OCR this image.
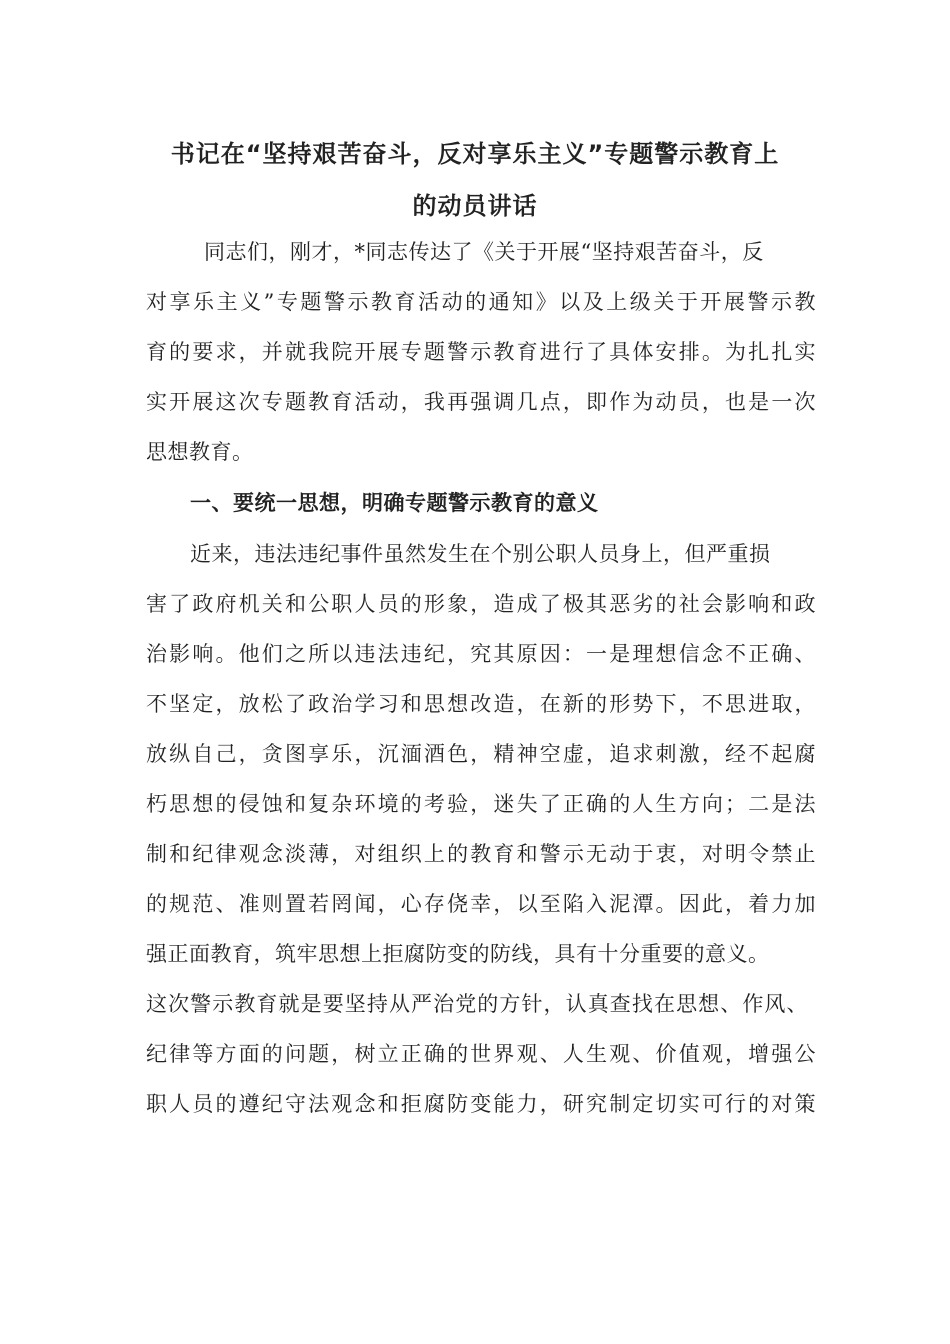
书记在“坚持艰苦奋斗，反对享乐主义”专题警示教育上
的动员讲话
同志们，刚才，*同志传达了《关于开展“坚持艰苦奋斗，反
对享乐主义”专题警示教育活动的通知》以及上级关于开展警示教
育的要求，并就我院开展专题警示教育进行了具体安排。为扎扎实
实开展这次专题教育活动，我再强调几点，即作为动员，也是一次
思想教育。
一、要统一思想，明确专题警示教育的意义
近来，违法违纪事件虽然发生在个别公职人员身上，但严重损
害了政府机关和公职人员的形象，造成了极其恶劣的社会影响和政
治影响。他们之所以违法违纪，究其原因：一是理想信念不正确、
不坚定，放松了政治学习和思想改造，在新的形势下，不思进取，
放纵自己，贪图享乐，沉湎酒色，精神空虚，追求刺激，经不起腐
朽思想的侵蚀和复杂环境的考验，迷失了正确的人生方向；二是法
制和纪律观念淡薄，对组织上的教育和警示无动于衷，对明令禁止
的规范、准则置若罔闻，心存侥幸，以至陷入泥潭。因此，着力加
强正面教育，筑牢思想上拒腐防变的防线，具有十分重要的意义。
这次警示教育就是要坚持从严治党的方针，认真查找在思想、作风、
纪律等方面的问题，树立正确的世界观、人生观、价值观，增强公
职人员的遵纪守法观念和拒腐防变能力，研究制定切实可行的对策
